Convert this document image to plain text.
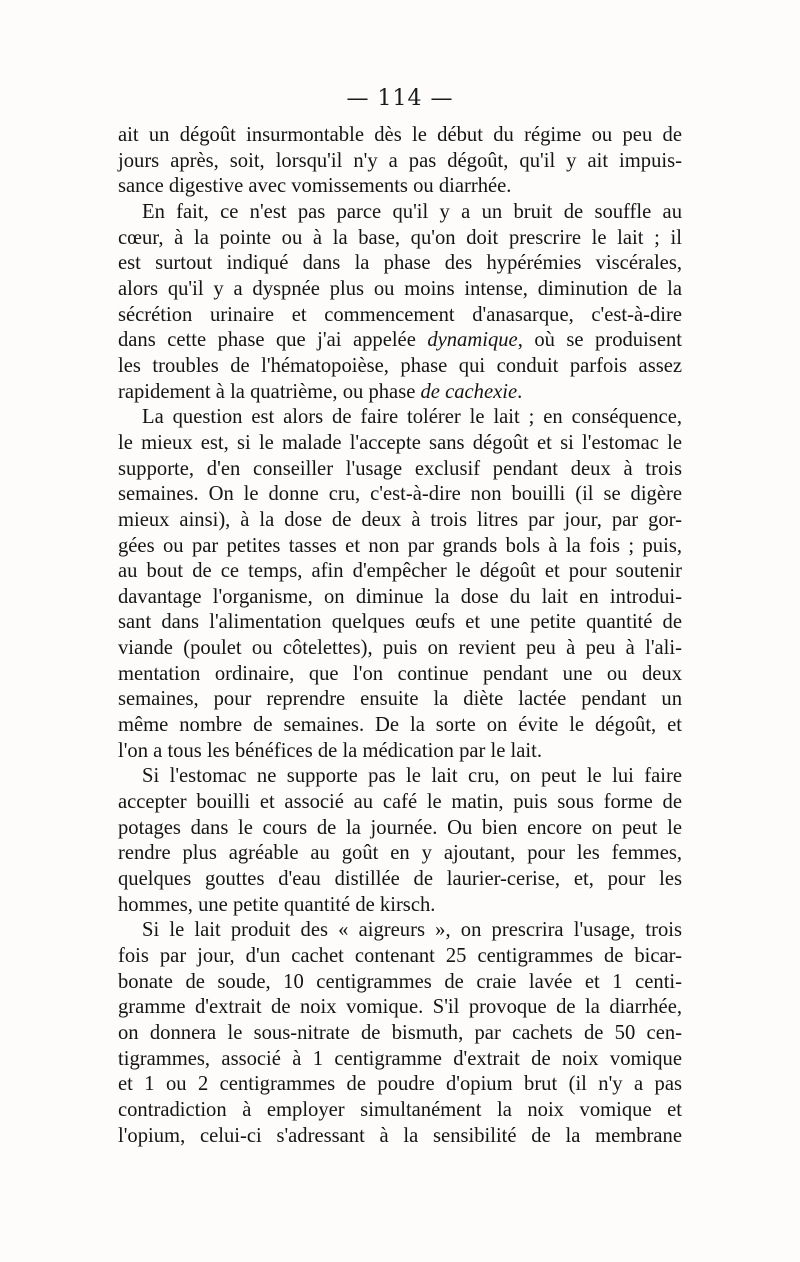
— 114 —
ait un dégoût insurmontable dès le début du régime ou peu de
jours après, soit, lorsqu'il n'y a pas dégoût, qu'il y ait impuis-
sance digestive avec vomissements ou diarrhée.
En fait, ce n'est pas parce qu'il y a un bruit de souffle au
cœur, à la pointe ou à la base, qu'on doit prescrire le lait ; il
est surtout indiqué dans la phase des hypérémies viscérales,
alors qu'il y a dyspnée plus ou moins intense, diminution de la
sécrétion urinaire et commencement d'anasarque, c'est-à-dire
dans cette phase que j'ai appelée dynamique, où se produisent
les troubles de l'hématopoièse, phase qui conduit parfois assez
rapidement à la quatrième, ou phase de cachexie.
La question est alors de faire tolérer le lait ; en conséquence,
le mieux est, si le malade l'accepte sans dégoût et si l'estomac le
supporte, d'en conseiller l'usage exclusif pendant deux à trois
semaines. On le donne cru, c'est-à-dire non bouilli (il se digère
mieux ainsi), à la dose de deux à trois litres par jour, par gor-
gées ou par petites tasses et non par grands bols à la fois ; puis,
au bout de ce temps, afin d'empêcher le dégoût et pour soutenir
davantage l'organisme, on diminue la dose du lait en introdui-
sant dans l'alimentation quelques œufs et une petite quantité de
viande (poulet ou côtelettes), puis on revient peu à peu à l'ali-
mentation ordinaire, que l'on continue pendant une ou deux
semaines, pour reprendre ensuite la diète lactée pendant un
même nombre de semaines. De la sorte on évite le dégoût, et
l'on a tous les bénéfices de la médication par le lait.
Si l'estomac ne supporte pas le lait cru, on peut le lui faire
accepter bouilli et associé au café le matin, puis sous forme de
potages dans le cours de la journée. Ou bien encore on peut le
rendre plus agréable au goût en y ajoutant, pour les femmes,
quelques gouttes d'eau distillée de laurier-cerise, et, pour les
hommes, une petite quantité de kirsch.
Si le lait produit des « aigreurs », on prescrira l'usage, trois
fois par jour, d'un cachet contenant 25 centigrammes de bicar-
bonate de soude, 10 centigrammes de craie lavée et 1 centi-
gramme d'extrait de noix vomique. S'il provoque de la diarrhée,
on donnera le sous-nitrate de bismuth, par cachets de 50 cen-
tigrammes, associé à 1 centigramme d'extrait de noix vomique
et 1 ou 2 centigrammes de poudre d'opium brut (il n'y a pas
contradiction à employer simultanément la noix vomique et
l'opium, celui-ci s'adressant à la sensibilité de la membrane
